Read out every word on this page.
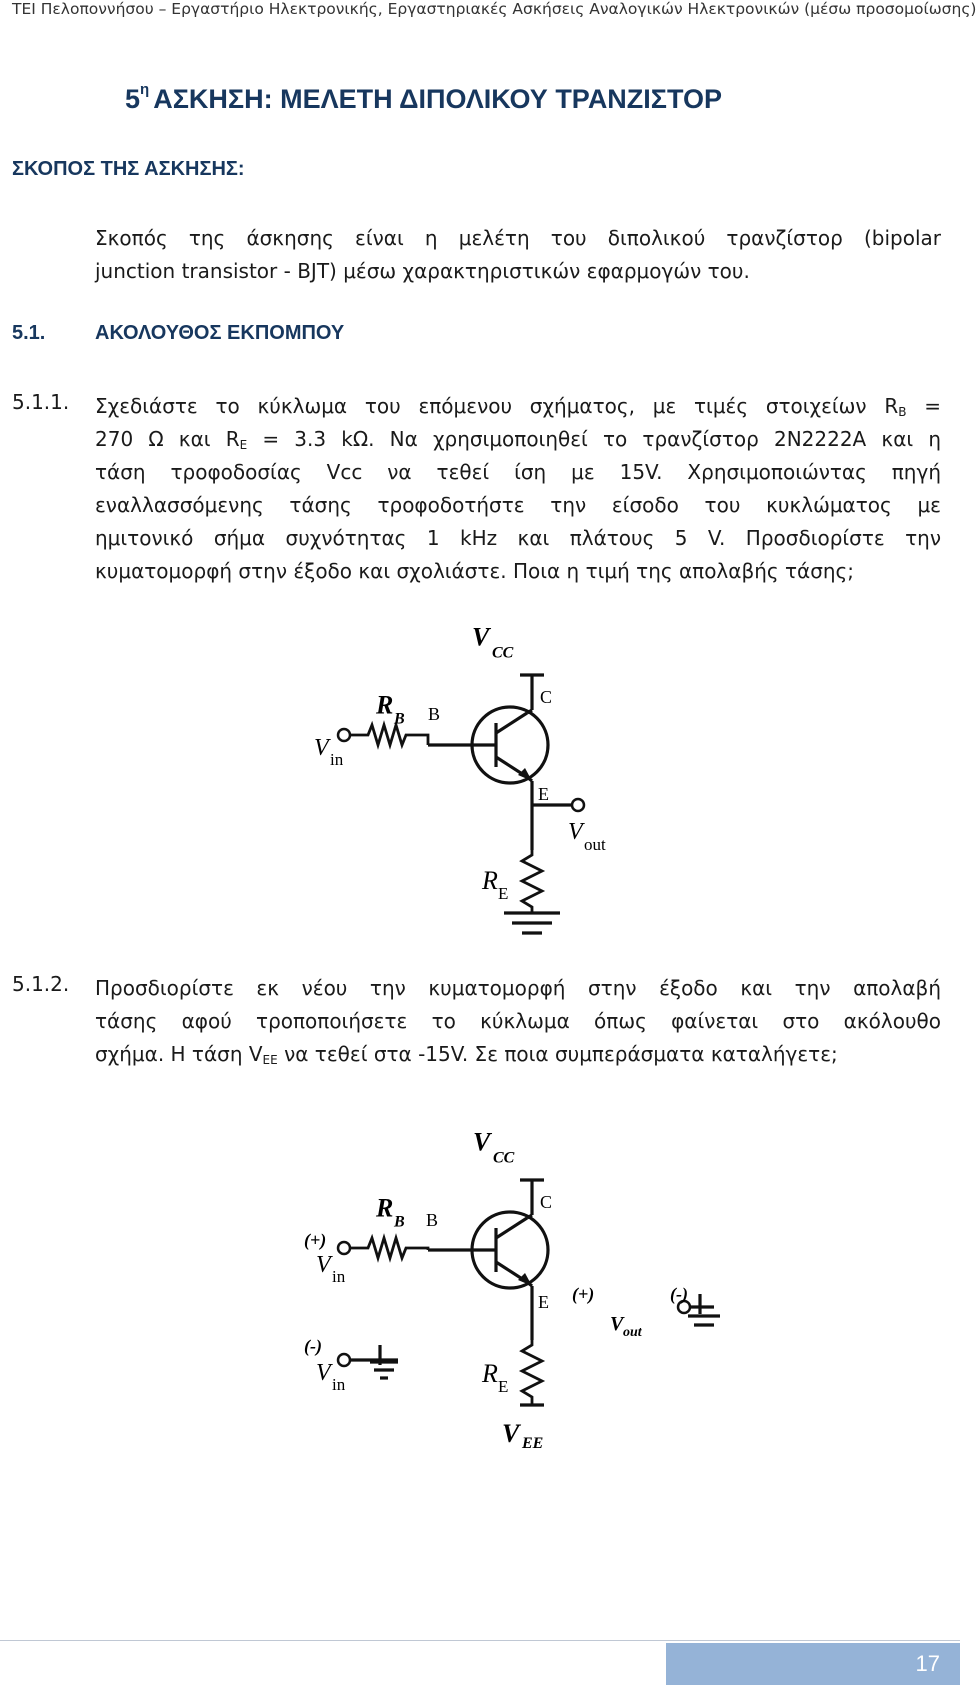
ΤΕΙ Πελοποννήσου – Εργαστήριο Ηλεκτρονικής, Εργαστηριακές Ασκήσεις Αναλογικών Ηλεκτρονικών (μέσω προσομοίωσης)
$5^\eta$ ΑΣΚΗΣΗ: ΜΕΛΕΤΗ ΔΙΠΟΛΙΚΟΥ ΤΡΑΝΖΙΣΤΟΡ
ΣΚΟΠΟΣ ΤΗΣ ΑΣΚΗΣΗΣ:
Σκοπός της άσκησης είναι η μελέτη του διπολικού τρανζίστορ (bipolar
junction transistor - BJT) μέσω χαρακτηριστικών εφαρμογών του.
5.1. ΑΚΟΛΟΥΘΟΣ ΕΚΠΟΜΠΟΥ
5.1.1. Σχεδιάστε το κύκλωμα του επόμενου σχήματος, με τιμές στοιχείων $R_B$ =
270 Ω και $R_E = 3.3$ kΩ. Να χρησιμοποιηθεί το τρανζίστορ 2N2222A και η
τάση τροφοδοσίας Vcc να τεθεί ίση με 15V. Χρησιμοποιώντας πηγή
εναλλασσόμενης τάσης τροφοδοτήστε την είσοδο του κυκλώματος με
ημιτονικό σήμα συχνότητας 1 kHz και πλάτους 5 V. Προσδιορίστε την
κυματομορφή στην έξοδο και σχολιάστε. Ποια η τιμή της απολαβής τάσης;
V
CC
R B B
C
E
V in
V out
R E
5.1.2. Προσδιορίστε εκ νέου την κυματομορφή στην έξοδο και την απολαβή
τάσης αφού τροποποιήσετε το κύκλωμα όπως φαίνεται στο ακόλουθο
σχήμα. Η τάση $V_{EE}$ να τεθεί στα -15V. Σε ποια συμπεράσματα καταλήγετε;
V
CC
R B B
C
E
(+)
V in
(-)
V in
(+)	(-)
V out
R E
V EE
17
